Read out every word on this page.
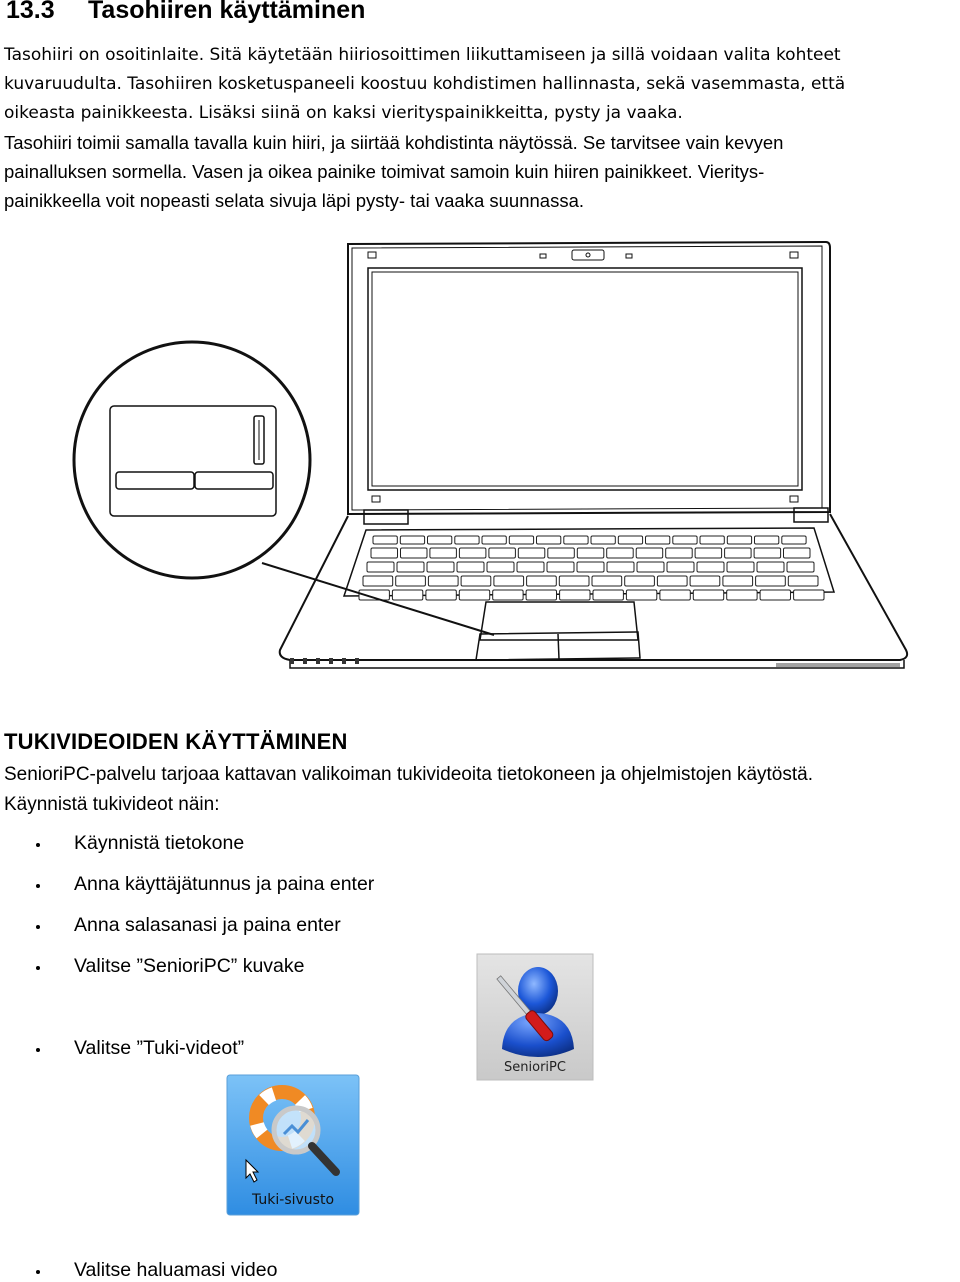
13.3 Tasohiiren käyttäminen
Tasohiiri on osoitinlaite. Sitä käytetään hiiriosoittimen liikuttamiseen ja sillä voidaan valita kohteet
kuvaruudulta. Tasohiiren kosketuspaneeli koostuu kohdistimen hallinnasta, sekä vasemmasta, että
oikeasta painikkeesta. Lisäksi siinä on kaksi vierityspainikkeitta, pysty ja vaaka.
Tasohiiri toimii samalla tavalla kuin hiiri, ja siirtää kohdistinta näytössä. Se tarvitsee vain kevyen
painalluksen sormella. Vasen ja oikea painike toimivat samoin kuin hiiren painikkeet. Vieritys-
painikkeella voit nopeasti selata sivuja läpi pysty- tai vaaka suunnassa.
TUKIVIDEOIDEN KÄYTTÄMINEN
SenioriPC-palvelu tarjoaa kattavan valikoiman tukivideoita tietokoneen ja ohjelmistojen käytöstä.
Käynnistä tukivideot näin:
Käynnistä tietokone
Anna käyttäjätunnus ja paina enter
Anna salasanasi ja paina enter
Valitse ”SenioriPC” kuvake
Valitse ”Tuki-videot”
Valitse haluamasi video
SenioriPC
Tuki-sivusto
